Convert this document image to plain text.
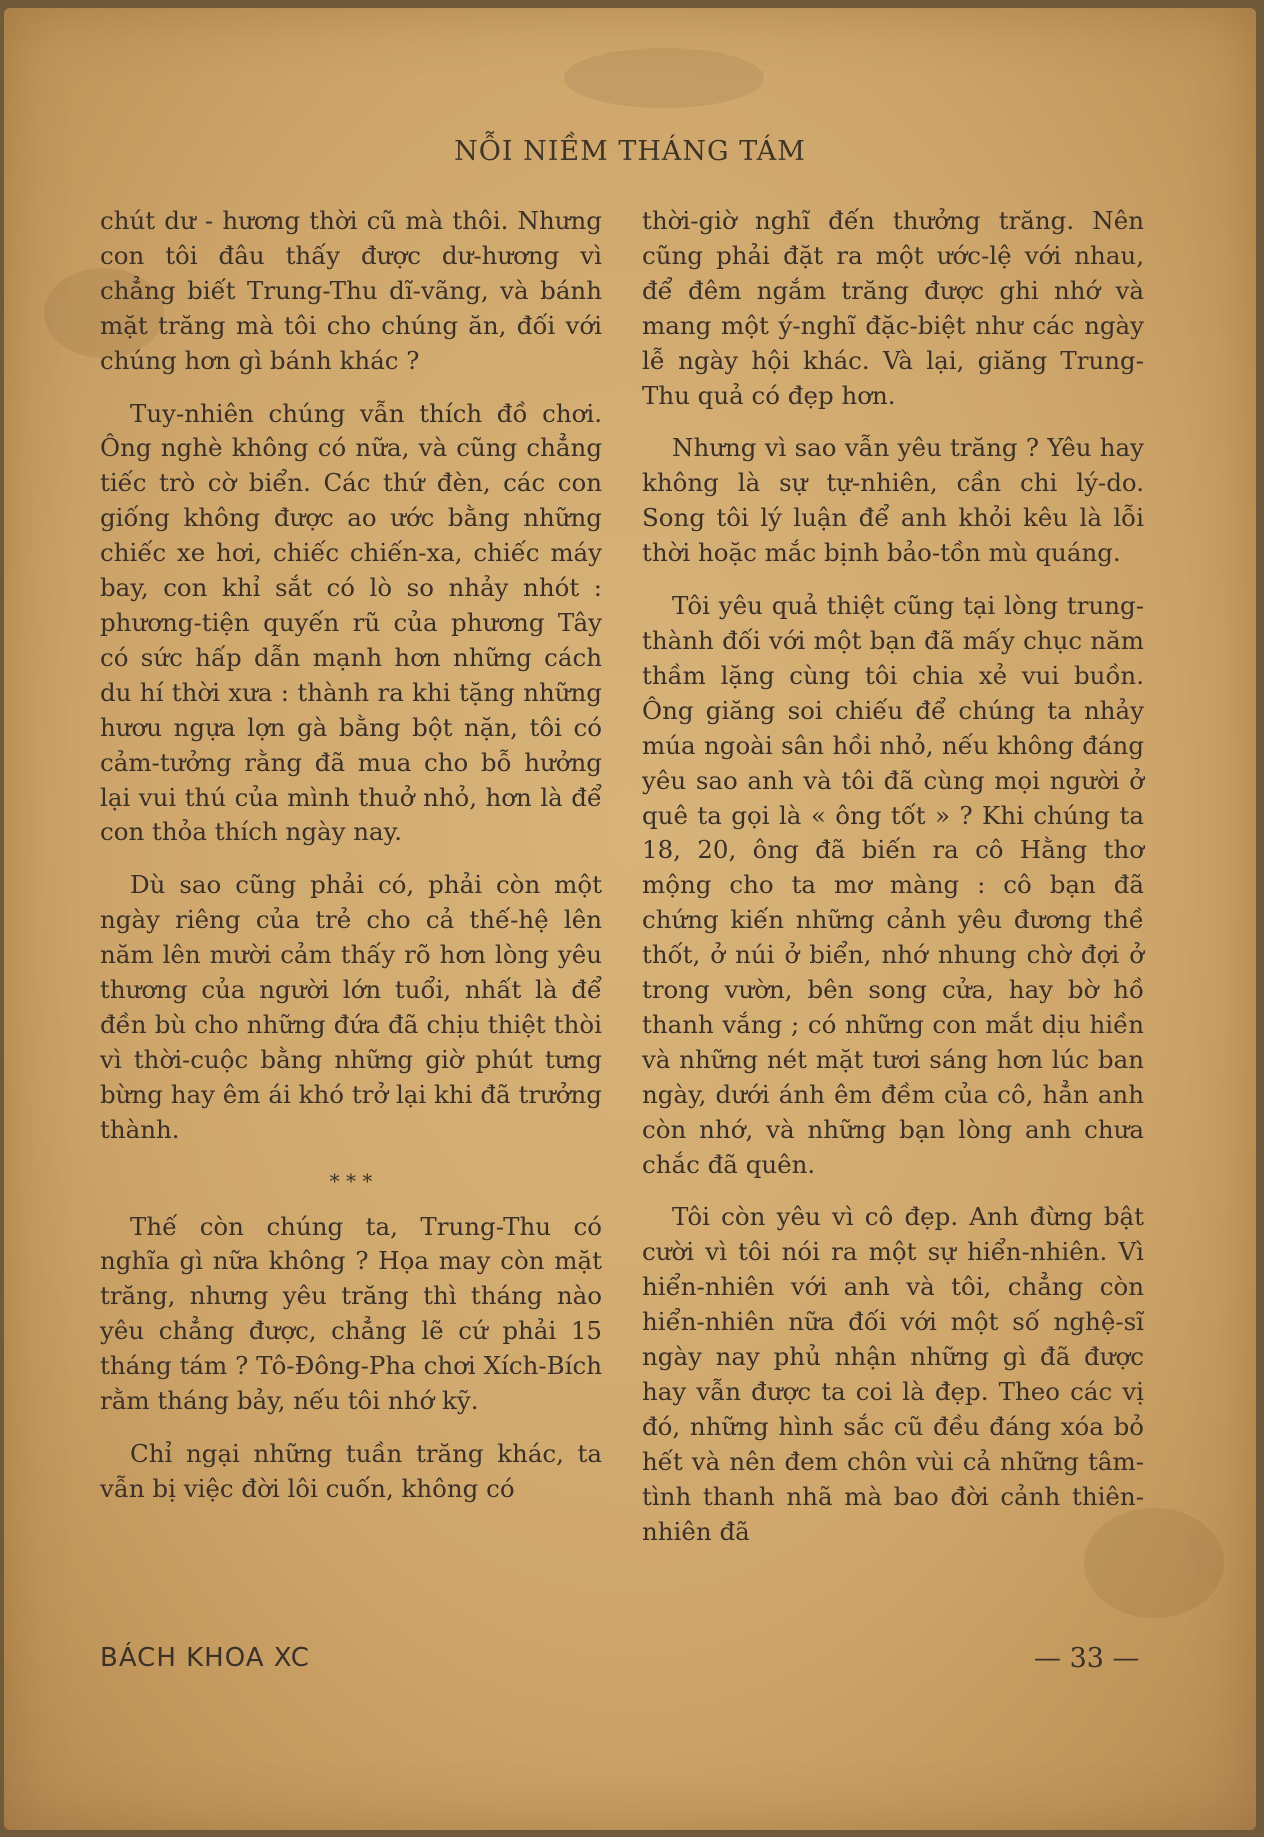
NỖI NIỀM THÁNG TÁM

chút dư - hương thời cũ mà thôi. Nhưng con tôi đâu thấy được dư-hương vì chẳng biết Trung-Thu dĩ-vãng, và bánh mặt trăng mà tôi cho chúng ăn, đối với chúng hơn gì bánh khác ?

Tuy-nhiên chúng vẫn thích đồ chơi. Ông nghè không có nữa, và cũng chẳng tiếc trò cờ biển. Các thứ đèn, các con giống không được ao ước bằng những chiếc xe hơi, chiếc chiến-xa, chiếc máy bay, con khỉ sắt có lò so nhảy nhót : phương-tiện quyến rũ của phương Tây có sức hấp dẫn mạnh hơn những cách du hí thời xưa : thành ra khi tặng những hươu ngựa lợn gà bằng bột nặn, tôi có cảm-tưởng rằng đã mua cho bỗ hưởng lại vui thú của mình thuở nhỏ, hơn là để con thỏa thích ngày nay.

Dù sao cũng phải có, phải còn một ngày riêng của trẻ cho cả thế-hệ lên năm lên mười cảm thấy rõ hơn lòng yêu thương của người lớn tuổi, nhất là để đền bù cho những đứa đã chịu thiệt thòi vì thời-cuộc bằng những giờ phút tưng bừng hay êm ái khó trở lại khi đã trưởng thành.

* * *

Thế còn chúng ta, Trung-Thu có nghĩa gì nữa không ? Họa may còn mặt trăng, nhưng yêu trăng thì tháng nào yêu chẳng được, chẳng lẽ cứ phải 15 tháng tám ? Tô-Đông-Pha chơi Xích-Bích rằm tháng bảy, nếu tôi nhớ kỹ.

Chỉ ngại những tuần trăng khác, ta vẫn bị việc đời lôi cuốn, không có

thời-giờ nghĩ đến thưởng trăng. Nên cũng phải đặt ra một ước-lệ với nhau, để đêm ngắm trăng được ghi nhớ và mang một ý-nghĩ đặc-biệt như các ngày lễ ngày hội khác. Và lại, giăng Trung-Thu quả có đẹp hơn.

Nhưng vì sao vẫn yêu trăng ? Yêu hay không là sự tự-nhiên, cần chi lý-do. Song tôi lý luận để anh khỏi kêu là lỗi thời hoặc mắc bịnh bảo-tồn mù quáng.

Tôi yêu quả thiệt cũng tại lòng trung-thành đối với một bạn đã mấy chục năm thầm lặng cùng tôi chia xẻ vui buồn. Ông giăng soi chiếu để chúng ta nhảy múa ngoài sân hồi nhỏ, nếu không đáng yêu sao anh và tôi đã cùng mọi người ở quê ta gọi là « ông tốt » ? Khi chúng ta 18, 20, ông đã biến ra cô Hằng thơ mộng cho ta mơ màng : cô bạn đã chứng kiến những cảnh yêu đương thề thốt, ở núi ở biển, nhớ nhung chờ đợi ở trong vườn, bên song cửa, hay bờ hồ thanh vắng ; có những con mắt dịu hiền và những nét mặt tươi sáng hơn lúc ban ngày, dưới ánh êm đềm của cô, hẳn anh còn nhớ, và những bạn lòng anh chưa chắc đã quên.

Tôi còn yêu vì cô đẹp. Anh đừng bật cười vì tôi nói ra một sự hiển-nhiên. Vì hiển-nhiên với anh và tôi, chẳng còn hiển-nhiên nữa đối với một số nghệ-sĩ ngày nay phủ nhận những gì đã được hay vẫn được ta coi là đẹp. Theo các vị đó, những hình sắc cũ đều đáng xóa bỏ hết và nên đem chôn vùi cả những tâm-tình thanh nhã mà bao đời cảnh thiên-nhiên đã

BÁCH KHOA XC	— 33 —
